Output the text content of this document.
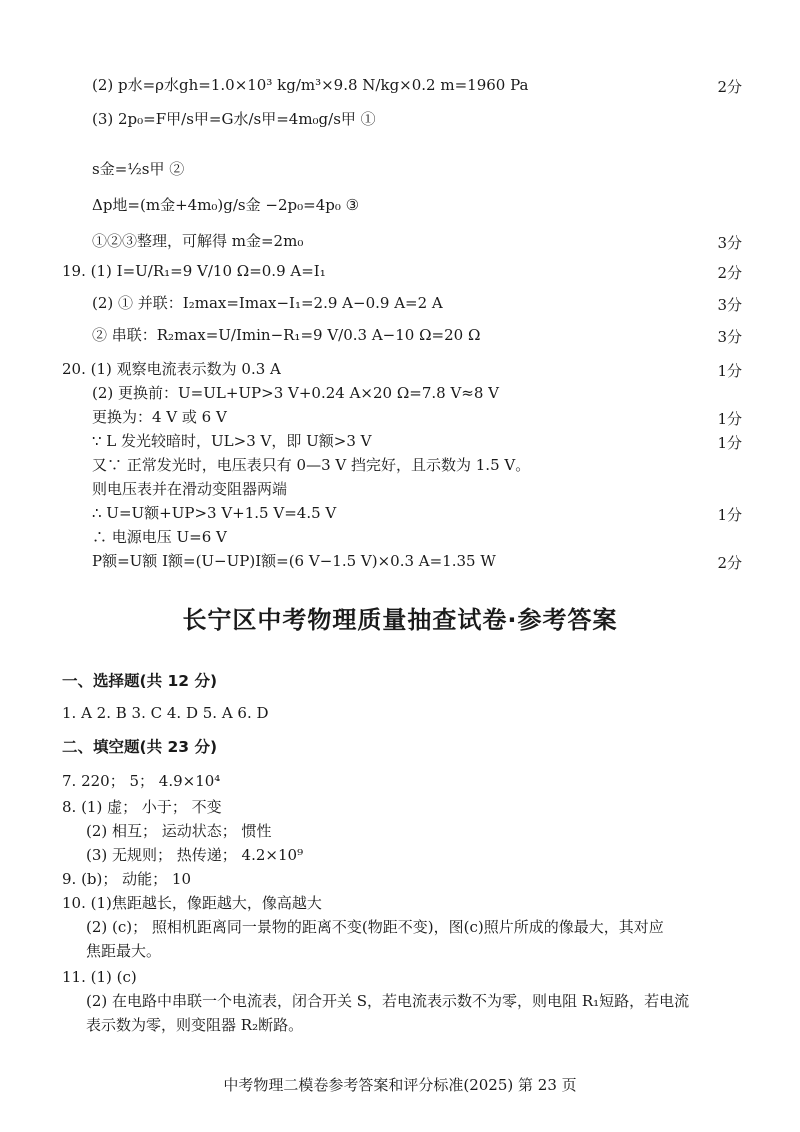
(2) p水=ρ水gh=1.0×10³ kg/m³×9.8 N/kg×0.2 m=1960 Pa	2分
(3) 2p₀=F甲/s甲=G水/s甲=4m₀g/s甲 ①
s金=½s甲 ②
Δp地=(m金+4m₀)g/s金 −2p₀=4p₀ ③
①②③整理，可解得 m金=2m₀	3分
19. (1) I=U/R₁=9 V/10 Ω=0.9 A=I₁	2分
(2) ① 并联：I₂max=Imax−I₁=2.9 A−0.9 A=2 A	3分
② 串联：R₂max=U/Imin−R₁=9 V/0.3 A−10 Ω=20 Ω	3分
20. (1) 观察电流表示数为 0.3 A	1分
(2) 更换前：U=UL+UP>3 V+0.24 A×20 Ω=7.8 V≈8 V
更换为：4 V 或 6 V	1分
∵ L 发光较暗时，UL>3 V，即 U额>3 V	1分
又∵ 正常发光时，电压表只有 0—3 V 挡完好，且示数为 1.5 V。
则电压表并在滑动变阻器两端
∴ U=U额+UP>3 V+1.5 V=4.5 V	1分
∴ 电源电压 U=6 V
P额=U额 I额=(U−UP)I额=(6 V−1.5 V)×0.3 A=1.35 W	2分
长宁区中考物理质量抽查试卷·参考答案
一、选择题(共 12 分)
1. A 2. B 3. C 4. D 5. A 6. D
二、填空题(共 23 分)
7. 220； 5； 4.9×10⁴
8. (1) 虚； 小于； 不变
(2) 相互； 运动状态； 惯性
(3) 无规则； 热传递； 4.2×10⁹
9. (b)； 动能； 10
10. (1)焦距越长，像距越大，像高越大
(2) (c)； 照相机距离同一景物的距离不变(物距不变)，图(c)照片所成的像最大，其对应
焦距最大。
11. (1) (c)
(2) 在电路中串联一个电流表，闭合开关 S，若电流表示数不为零，则电阻 R₁短路，若电流
表示数为零，则变阻器 R₂断路。
中考物理二模卷参考答案和评分标准(2025) 第 23 页
